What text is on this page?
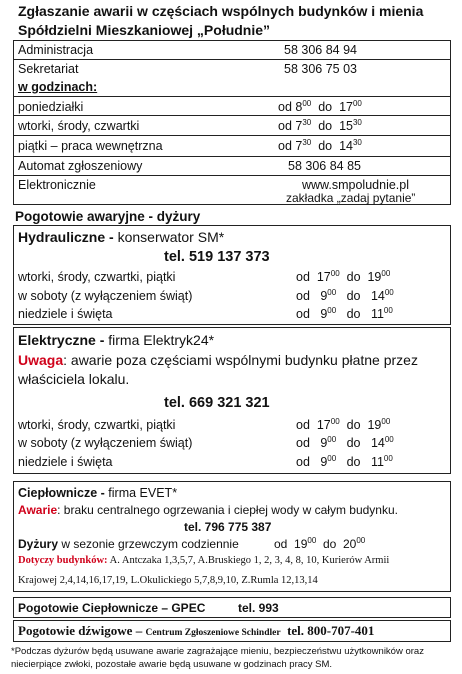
Zgłaszanie awarii w częściach wspólnych budynków i mienia
Spółdzielni Mieszkaniowej „Południe”
Administracja	58 306 84 94
Sekretariat	58 306 75 03
w godzinach:
poniedziałki	od $8^{00}$ do $17^{00}$
wtorki, środy, czwartki	od $7^{30}$ do $15^{30}$
piątki – praca wewnętrzna	od $7^{30}$ do $14^{30}$
Automat zgłoszeniowy	58 306 84 85
Elektronicznie	www.smpoludnie.pl
zakładka „zadaj pytanie”
Pogotowie awaryjne - dyżury
Hydrauliczne - konserwator SM*
tel. 519 137 373
wtorki, środy, czwartki, piątki	od $17^{00}$ do $19^{00}$
w soboty (z wyłączeniem świąt)	od $9^{00}$ do $14^{00}$
niedziele i święta	od $9^{00}$ do $11^{00}$
Elektryczne - firma Elektryk24*
Uwaga: awarie poza częściami wspólnymi budynku płatne przez
właściciela lokalu.
tel. 669 321 321
wtorki, środy, czwartki, piątki	od $17^{00}$ do $19^{00}$
w soboty (z wyłączeniem świąt)	od $9^{00}$ do $14^{00}$
niedziele i święta	od $9^{00}$ do $11^{00}$
Ciepłownicze - firma EVET*
Awarie: braku centralnego ogrzewania i ciepłej wody w całym budynku.
tel. 796 775 387
Dyżury w sezonie grzewczym codziennie	od $19^{00}$ do $20^{00}$
Dotyczy budynków: A. Antczaka 1,3,5,7, A.Bruskiego 1, 2, 3, 4, 8, 10, Kurierów Armii
Krajowej 2,4,14,16,17,19, L.Okulickiego 5,7,8,9,10, Z.Rumla 12,13,14
Pogotowie Ciepłownicze – GPEC	tel. 993
Pogotowie dźwigowe – Centrum Zgłoszeniowe Schindler tel. 800-707-401
*Podczas dyżurów będą usuwane awarie zagrażające mieniu, bezpieczeństwu użytkowników oraz
niecierpiące zwłoki, pozostałe awarie będą usuwane w godzinach pracy SM.
